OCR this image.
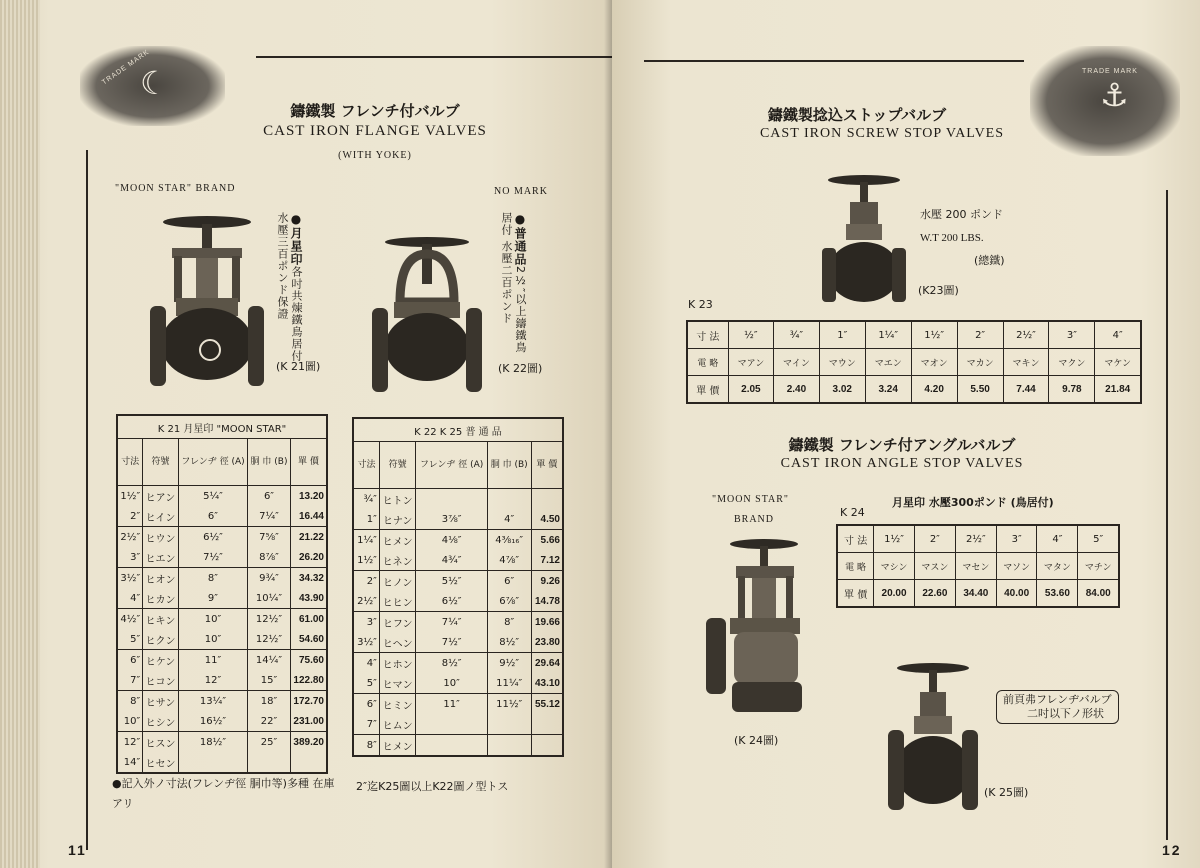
TRADE MARK
☾
鑄鐵製 フレンチ付バルブ
CAST IRON FLANGE VALVES
(WITH YOKE)
"MOON STAR" BRAND	NO MARK
●月星印各吋共煉鐵鳥居付 水壓三百ポンド保證	●普通品2½″以上鑄鐵鳥居付 水壓二百ポンド
(K 21圖)	(K 22圖)
K 21 月星印 "MOON STAR"				
寸法	符號	フレンヂ 徑 (A)	胴 巾 (B)	單 價
1½″	ヒアン	5¼″	6″	13.20
2″	ヒイン	6″	7¼″	16.44
2½″	ヒウン	6½″	7⅝″	21.22
3″	ヒエン	7½″	8⅞″	26.20
3½″	ヒオン	8″	9¾″	34.32
4″	ヒカン	9″	10¼″	43.90
4½″	ヒキン	10″	12½″	61.00
5″	ヒクン	10″	12½″	54.60
6″	ヒケン	11″	14¼″	75.60
7″	ヒコン	12″	15″	122.80
8″	ヒサン	13¼″	18″	172.70
10″	ヒシン	16½″	22″	231.00
12″	ヒスン	18½″	25″	389.20
14″	ヒセン			
K 22 K 25 普 通 品				
寸法	符號	フレンヂ 徑 (A)	胴 巾 (B)	單 價
¾″	ヒトン			
1″	ヒナン	3⅞″	4″	4.50
1¼″	ヒメン	4⅛″	4⅜₁₆″	5.66
1½″	ヒネン	4¾″	4⅞″	7.12
2″	ヒノン	5½″	6″	9.26
2½″	ヒヒン	6½″	6⅞″	14.78
3″	ヒフン	7¼″	8″	19.66
3½″	ヒヘン	7½″	8½″	23.80
4″	ヒホン	8½″	9½″	29.64
5″	ヒマン	10″	11¼″	43.10
6″	ヒミン	11″	11½″	55.12
7″	ヒムン			
8″	ヒメン			
●記入外ノ寸法(フレンヂ徑 胴巾等)多種 在庫アリ
2″迄K25圖以上K22圖ノ型トス
11
TRADE MARK
⚓
鑄鐵製捻込ストップバルブ
CAST IRON SCREW STOP VALVES
水壓 200 ポンド
W.T 200 LBS.
(總鐵)
(K23圖)
K 23
寸 法	½″	¾″	1″	1¼″	1½″	2″	2½″	3″	4″
電 略	マアン	マイン	マウン	マエン	マオン	マカン	マキン	マクン	マケン
單 價	2.05	2.40	3.02	3.24	4.20	5.50	7.44	9.78	21.84
鑄鐵製 フレンチ付アングルバルブ
CAST IRON ANGLE STOP VALVES
"MOON STAR"
BRAND
月星印 水壓300ポンド (鳥居付)
K 24
寸 法	1½″	2″	2½″	3″	4″	5″
電 略	マシン	マスン	マセン	マソン	マタン	マチン
單 價	20.00	22.60	34.40	40.00	53.60	84.00
(K 24圖)
前頁弗フレンヂバルブ
二吋以下ノ形状
(K 25圖)
12
